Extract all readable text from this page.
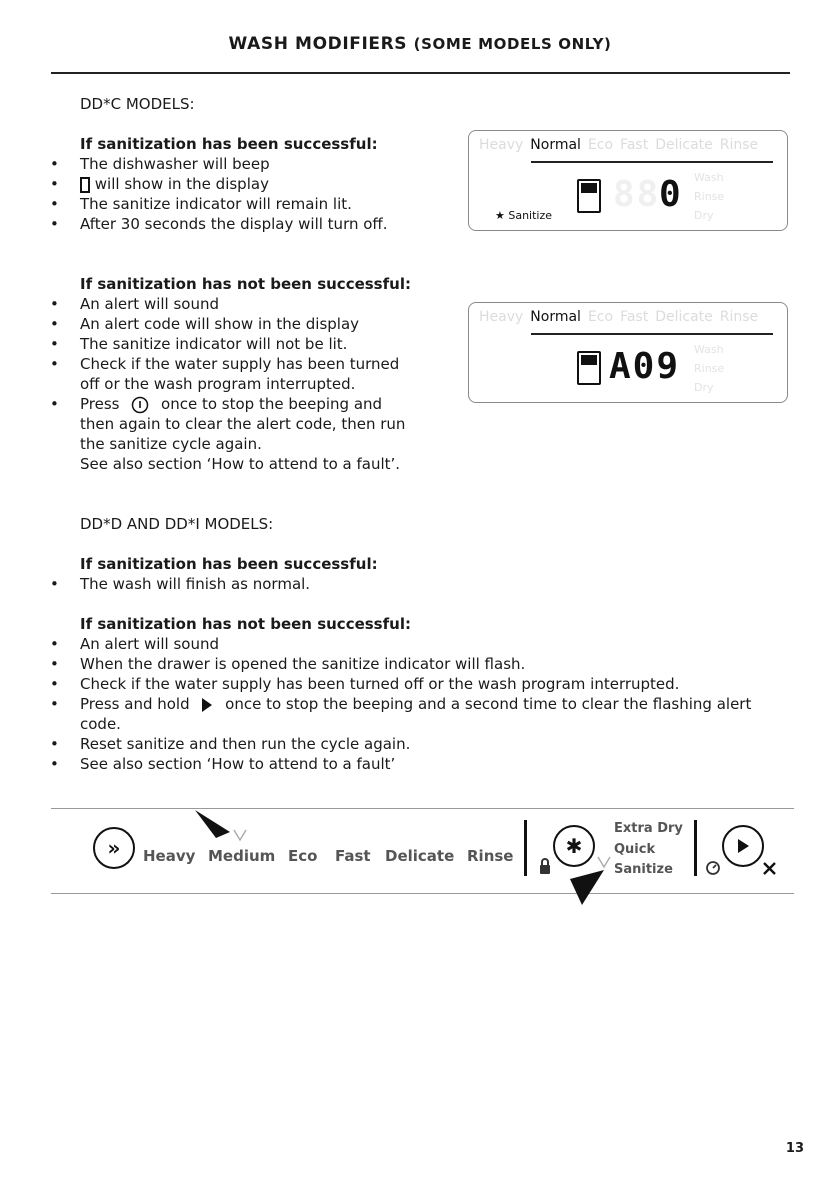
WASH MODIFIERS (SOME MODELS ONLY)
DD*C MODELS:
If sanitization has been successful:
• The dishwasher will beep
•	will show in the display
• The sanitize indicator will remain lit.
• After 30 seconds the display will turn off.
If sanitization has not been successful:
• An alert will sound
• An alert code will show in the display
• The sanitize indicator will not be lit.
• Check if the water supply has been turned
off or the wash program interrupted.
• Press	once to stop the beeping and
then again to clear the alert code, then run
the sanitize cycle again.
See also section ‘How to attend to a fault’.
Heavy Normal Eco Fast Delicate Rinse
★ Sanitize
88
0 Wash
Rinse
Dry
Heavy Normal Eco Fast Delicate Rinse
A09 Wash
Rinse
Dry
DD*D AND DD*I MODELS:
If sanitization has been successful:
• The wash will finish as normal.
If sanitization has not been successful:
• An alert will sound
• When the drawer is opened the sanitize indicator will flash.
• Check if the water supply has been turned off or the wash program interrupted.
• Press and hold once to stop the beeping and a second time to clear the flashing alert
code.
• Reset sanitize and then run the cycle again.
• See also section ‘How to attend to a fault’
»	Heavy Medium Eco Fast Delicate Rinse	✱
Extra Dry
Quick
Sanitize
13
